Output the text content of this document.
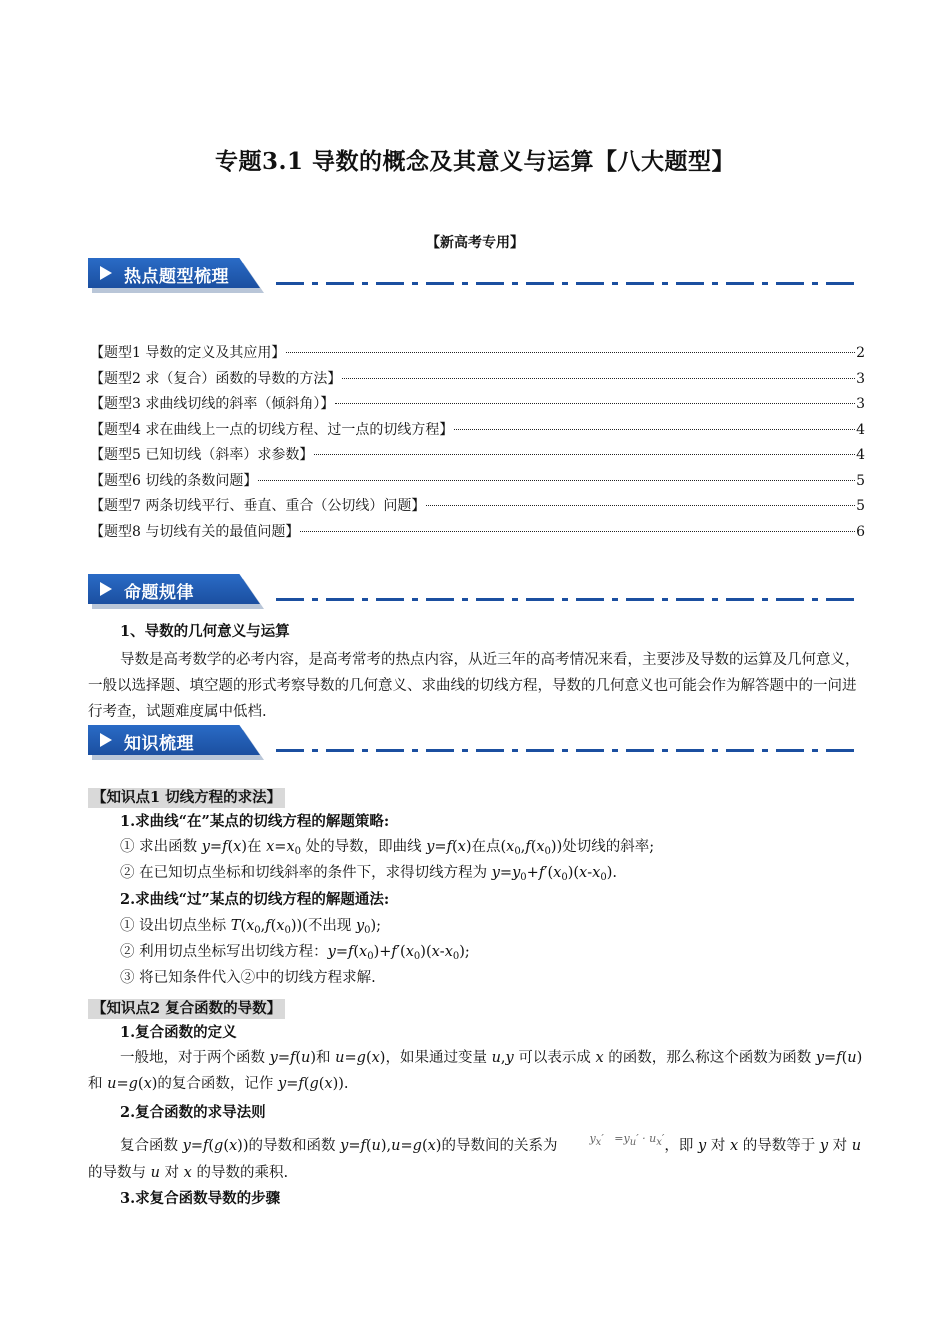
专题3.1 导数的概念及其意义与运算【八大题型】
【新高考专用】
热点题型梳理
【题型1 导数的定义及其应用】	2
【题型2 求（复合）函数的导数的方法】	3
【题型3 求曲线切线的斜率（倾斜角）】	3
【题型4 求在曲线上一点的切线方程、过一点的切线方程】	4
【题型5 已知切线（斜率）求参数】	4
【题型6 切线的条数问题】	5
【题型7 两条切线平行、垂直、重合（公切线）问题】	5
【题型8 与切线有关的最值问题】	6
命题规律
1、导数的几何意义与运算
导数是高考数学的必考内容，是高考常考的热点内容，从近三年的高考情况来看，主要涉及导数的运算及几何意义，一般以选择题、填空题的形式考察导数的几何意义、求曲线的切线方程，导数的几何意义也可能会作为解答题中的一问进行考查，试题难度属中低档.
知识梳理
【知识点1 切线方程的求法】
1.求曲线“在”某点的切线方程的解题策略:
① 求出函数 y=f(x)在 $x=x_0$ 处的导数，即曲线 y=f(x)在点$(x_0,f(x_0))$处切线的斜率;
② 在已知切点坐标和切线斜率的条件下，求得切线方程为 $y=y_0+f'(x_0)(x-x_0)$.
2.求曲线“过”某点的切线方程的解题通法:
① 设出切点坐标 $T(x_0,f(x_0))$(不出现 $y_0$);
② 利用切点坐标写出切线方程：$y=f(x_0)+f'(x_0)(x-x_0)$;
③ 将已知条件代入②中的切线方程求解.
【知识点2 复合函数的导数】
1.复合函数的定义
一般地，对于两个函数 y=f(u)和 u=g(x)，如果通过变量 u,y 可以表示成 x 的函数，那么称这个函数为函数 y=f(u)和 u=g(x)的复合函数，记作 y=f(g(x)).
2.复合函数的求导法则
复合函数 y=f(g(x))的导数和函数 y=f(u),u=g(x)的导数间的关系为	$y_x' =y_u' \cdot u_x'$，即 y 对 x 的导数等于 y 对 u 的导数与 u 对 x 的导数的乘积.
3.求复合函数导数的步骤
